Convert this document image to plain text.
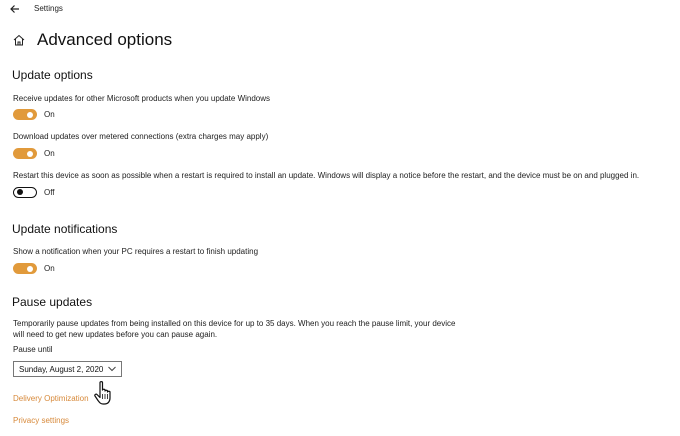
Settings
Advanced options
Update options
Receive updates for other Microsoft products when you update Windows
On
Download updates over metered connections (extra charges may apply)
On
Restart this device as soon as possible when a restart is required to install an update. Windows will display a notice before the restart, and the device must be on and plugged in.
Off
Update notifications
Show a notification when your PC requires a restart to finish updating
On
Pause updates
Temporarily pause updates from being installed on this device for up to 35 days. When you reach the pause limit, your device will need to get new updates before you can pause again.
Pause until
Sunday, August 2, 2020
Delivery Optimization
Privacy settings
